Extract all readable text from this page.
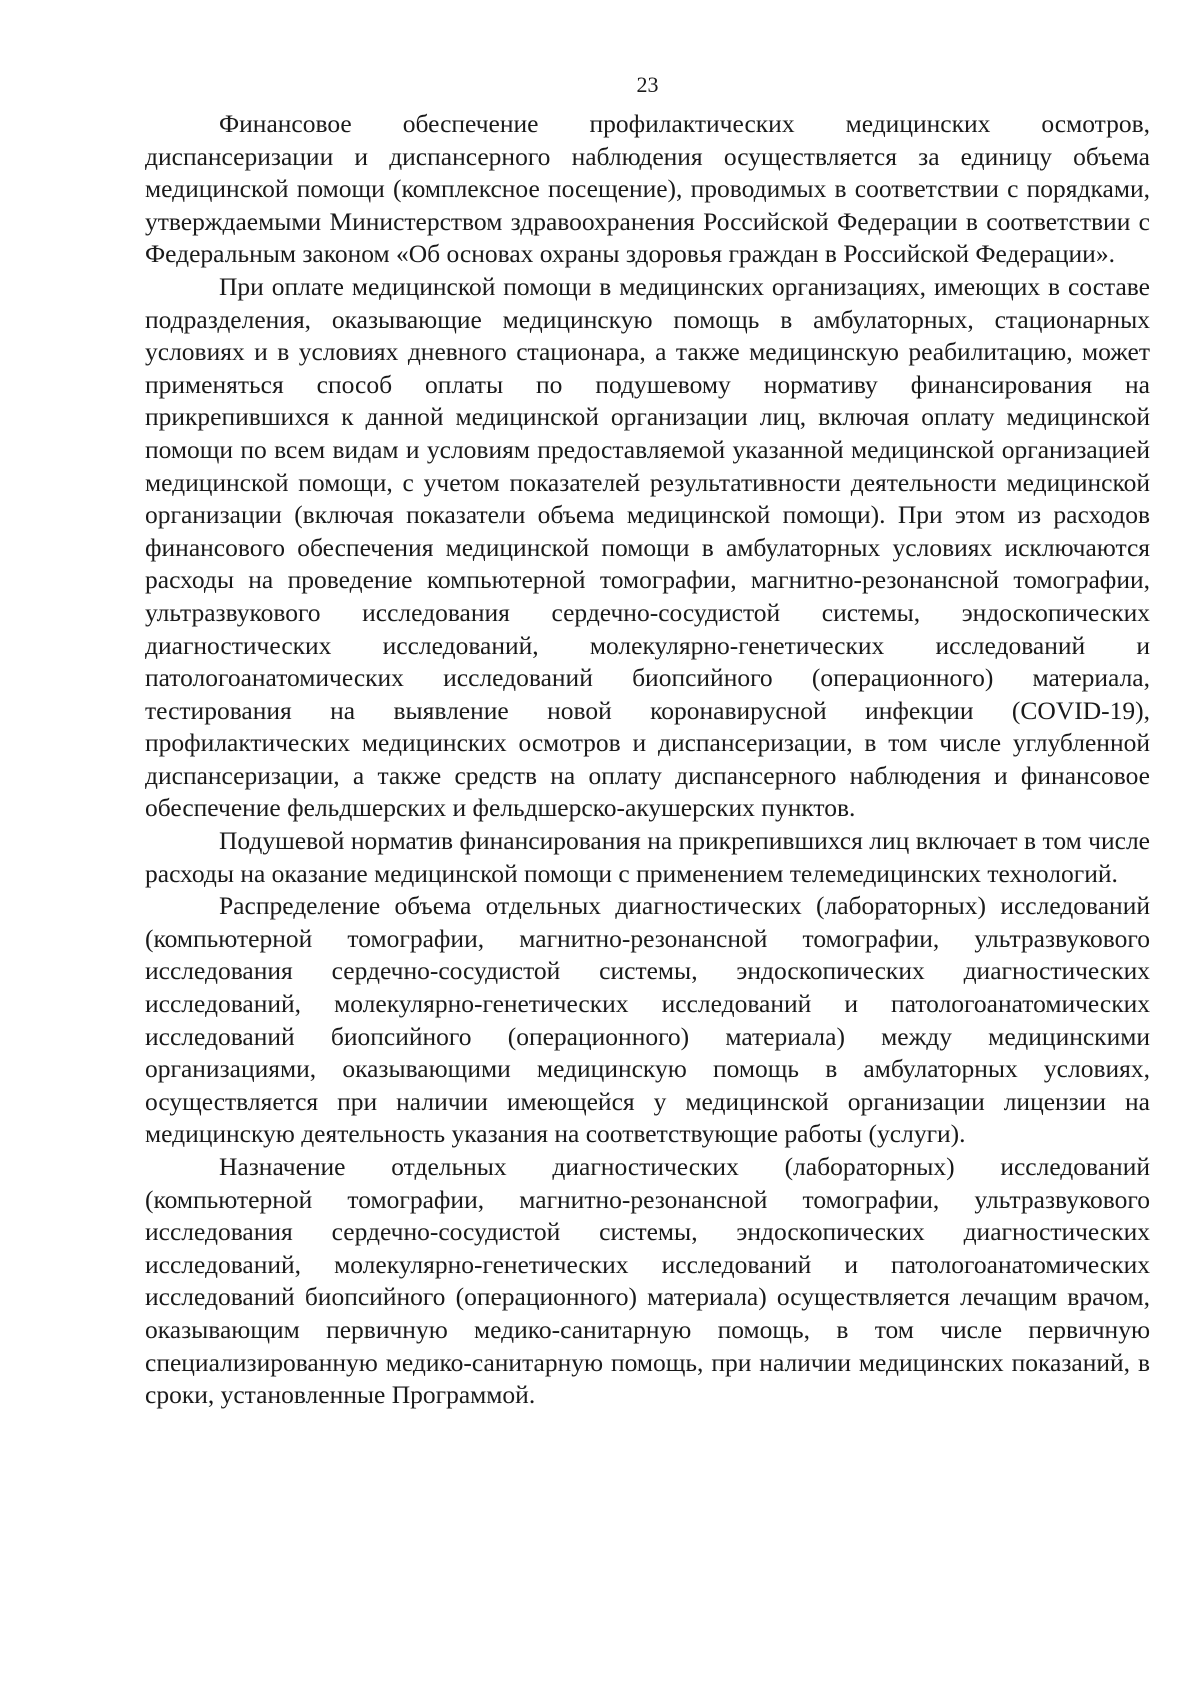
23

Финансовое обеспечение профилактических медицинских осмотров, диспансеризации и диспансерного наблюдения осуществляется за единицу объема медицинской помощи (комплексное посещение), проводимых в соответствии с порядками, утверждаемыми Министерством здравоохранения Российской Федерации в соответствии с Федеральным законом «Об основах охраны здоровья граждан в Российской Федерации».

При оплате медицинской помощи в медицинских организациях, имеющих в составе подразделения, оказывающие медицинскую помощь в амбулаторных, стационарных условиях и в условиях дневного стационара, а также медицинскую реабилитацию, может применяться способ оплаты по подушевому нормативу финансирования на прикрепившихся к данной медицинской организации лиц, включая оплату медицинской помощи по всем видам и условиям предоставляемой указанной медицинской организацией медицинской помощи, с учетом показателей результативности деятельности медицинской организации (включая показатели объема медицинской помощи). При этом из расходов финансового обеспечения медицинской помощи в амбулаторных условиях исключаются расходы на проведение компьютерной томографии, магнитно-резонансной томографии, ультразвукового исследования сердечно-сосудистой системы, эндоскопических диагностических исследований, молекулярно-генетических исследований и патологоанатомических исследований биопсийного (операционного) материала, тестирования на выявление новой коронавирусной инфекции (COVID-19), профилактических медицинских осмотров и диспансеризации, в том числе углубленной диспансеризации, а также средств на оплату диспансерного наблюдения и финансовое обеспечение фельдшерских и фельдшерско-акушерских пунктов.

Подушевой норматив финансирования на прикрепившихся лиц включает в том числе расходы на оказание медицинской помощи с применением телемедицинских технологий.

Распределение объема отдельных диагностических (лабораторных) исследований (компьютерной томографии, магнитно-резонансной томографии, ультразвукового исследования сердечно-сосудистой системы, эндоскопических диагностических исследований, молекулярно-генетических исследований и патологоанатомических исследований биопсийного (операционного) материала) между медицинскими организациями, оказывающими медицинскую помощь в амбулаторных условиях, осуществляется при наличии имеющейся у медицинской организации лицензии на медицинскую деятельность указания на соответствующие работы (услуги).

Назначение отдельных диагностических (лабораторных) исследований (компьютерной томографии, магнитно-резонансной томографии, ультразвукового исследования сердечно-сосудистой системы, эндоскопических диагностических исследований, молекулярно-генетических исследований и патологоанатомических исследований биопсийного (операционного) материала) осуществляется лечащим врачом, оказывающим первичную медико-санитарную помощь, в том числе первичную специализированную медико-санитарную помощь, при наличии медицинских показаний, в сроки, установленные Программой.
